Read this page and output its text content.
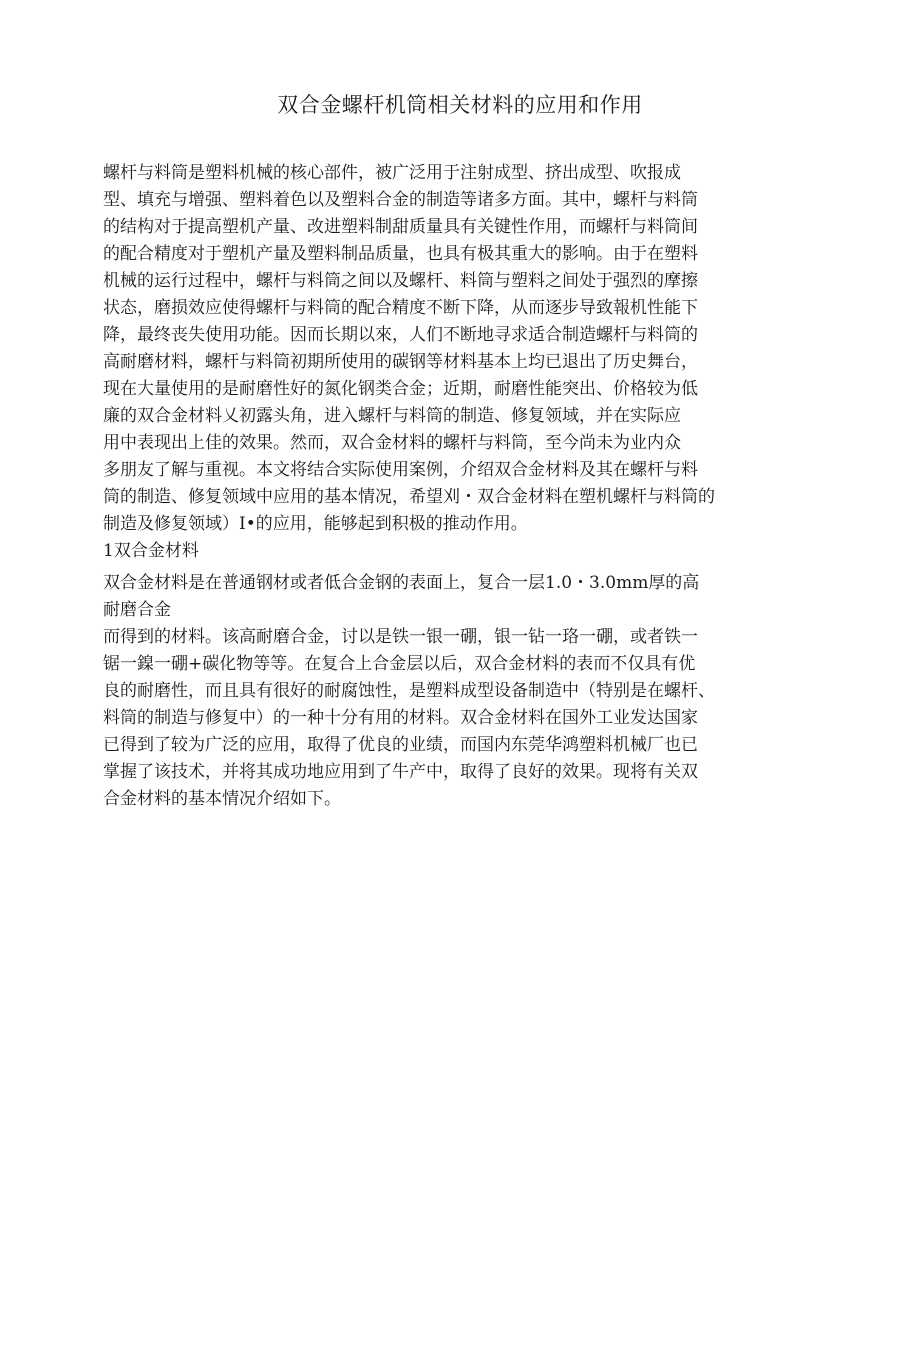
双合金螺杆机筒相关材料的应用和作用
螺杆与料筒是塑料机械的核心部件，被广泛用于注射成型、挤出成型、吹报成
型、填充与增强、塑料着色以及塑料合金的制造等诸多方面。其中，螺杆与料筒
的结构对于提高塑机产量、改进塑料制甜质量具有关键性作用，而螺杆与料筒间
的配合精度对于塑机产量及塑料制品质量，也具有极其重大的影响。由于在塑料
机械的运行过程中，螺杆与料筒之间以及螺杆、料筒与塑料之间处于强烈的摩擦
状态，磨损效应使得螺杆与料筒的配合精度不断下降，从而逐步导致報机性能下
降，最终丧失使用功能。因而长期以來，人们不断地寻求适合制造螺杆与料筒的
高耐磨材料，螺杆与料筒初期所使用的碳钢等材料基本上均已退出了历史舞台，
现在大量使用的是耐磨性好的氮化钢类合金；近期，耐磨性能突出、价格较为低
廉的双合金材料乂初露头角，进入螺杆与料筒的制造、修复领域，并在实际应
用中表现出上佳的效果。然而，双合金材料的螺杆与料筒，至今尚未为业内众
多朋友了解与重视。本文将结合实际使用案例，介绍双合金材料及其在螺杆与料
筒的制造、修复领域中应用的基本情况，希望刈・双合金材料在塑机螺杆与料筒的
制造及修复领域）I•的应用，能够起到积极的推动作用。
1双合金材料
双合金材料是在普通钢材或者低合金钢的表面上，复合一层1.0・3.0mm厚的高
耐磨合金
而得到的材料。该高耐磨合金，讨以是铁一银一硼，银一钻一珞一硼，或者铁一
锯一鎳一硼+碳化物等等。在复合上合金层以后，双合金材料的表而不仅具有优
良的耐磨性，而且具有很好的耐腐蚀性，是塑料成型设备制造中（特别是在螺杆、
料筒的制造与修复中）的一种十分有用的材料。双合金材料在国外工业发达国家
已得到了较为广泛的应用，取得了优良的业绩，而国内东莞华鸿塑料机械厂也已
掌握了该技术，并将其成功地应用到了牛产中，取得了良好的效果。现将有关双
合金材料的基本情况介绍如下。
